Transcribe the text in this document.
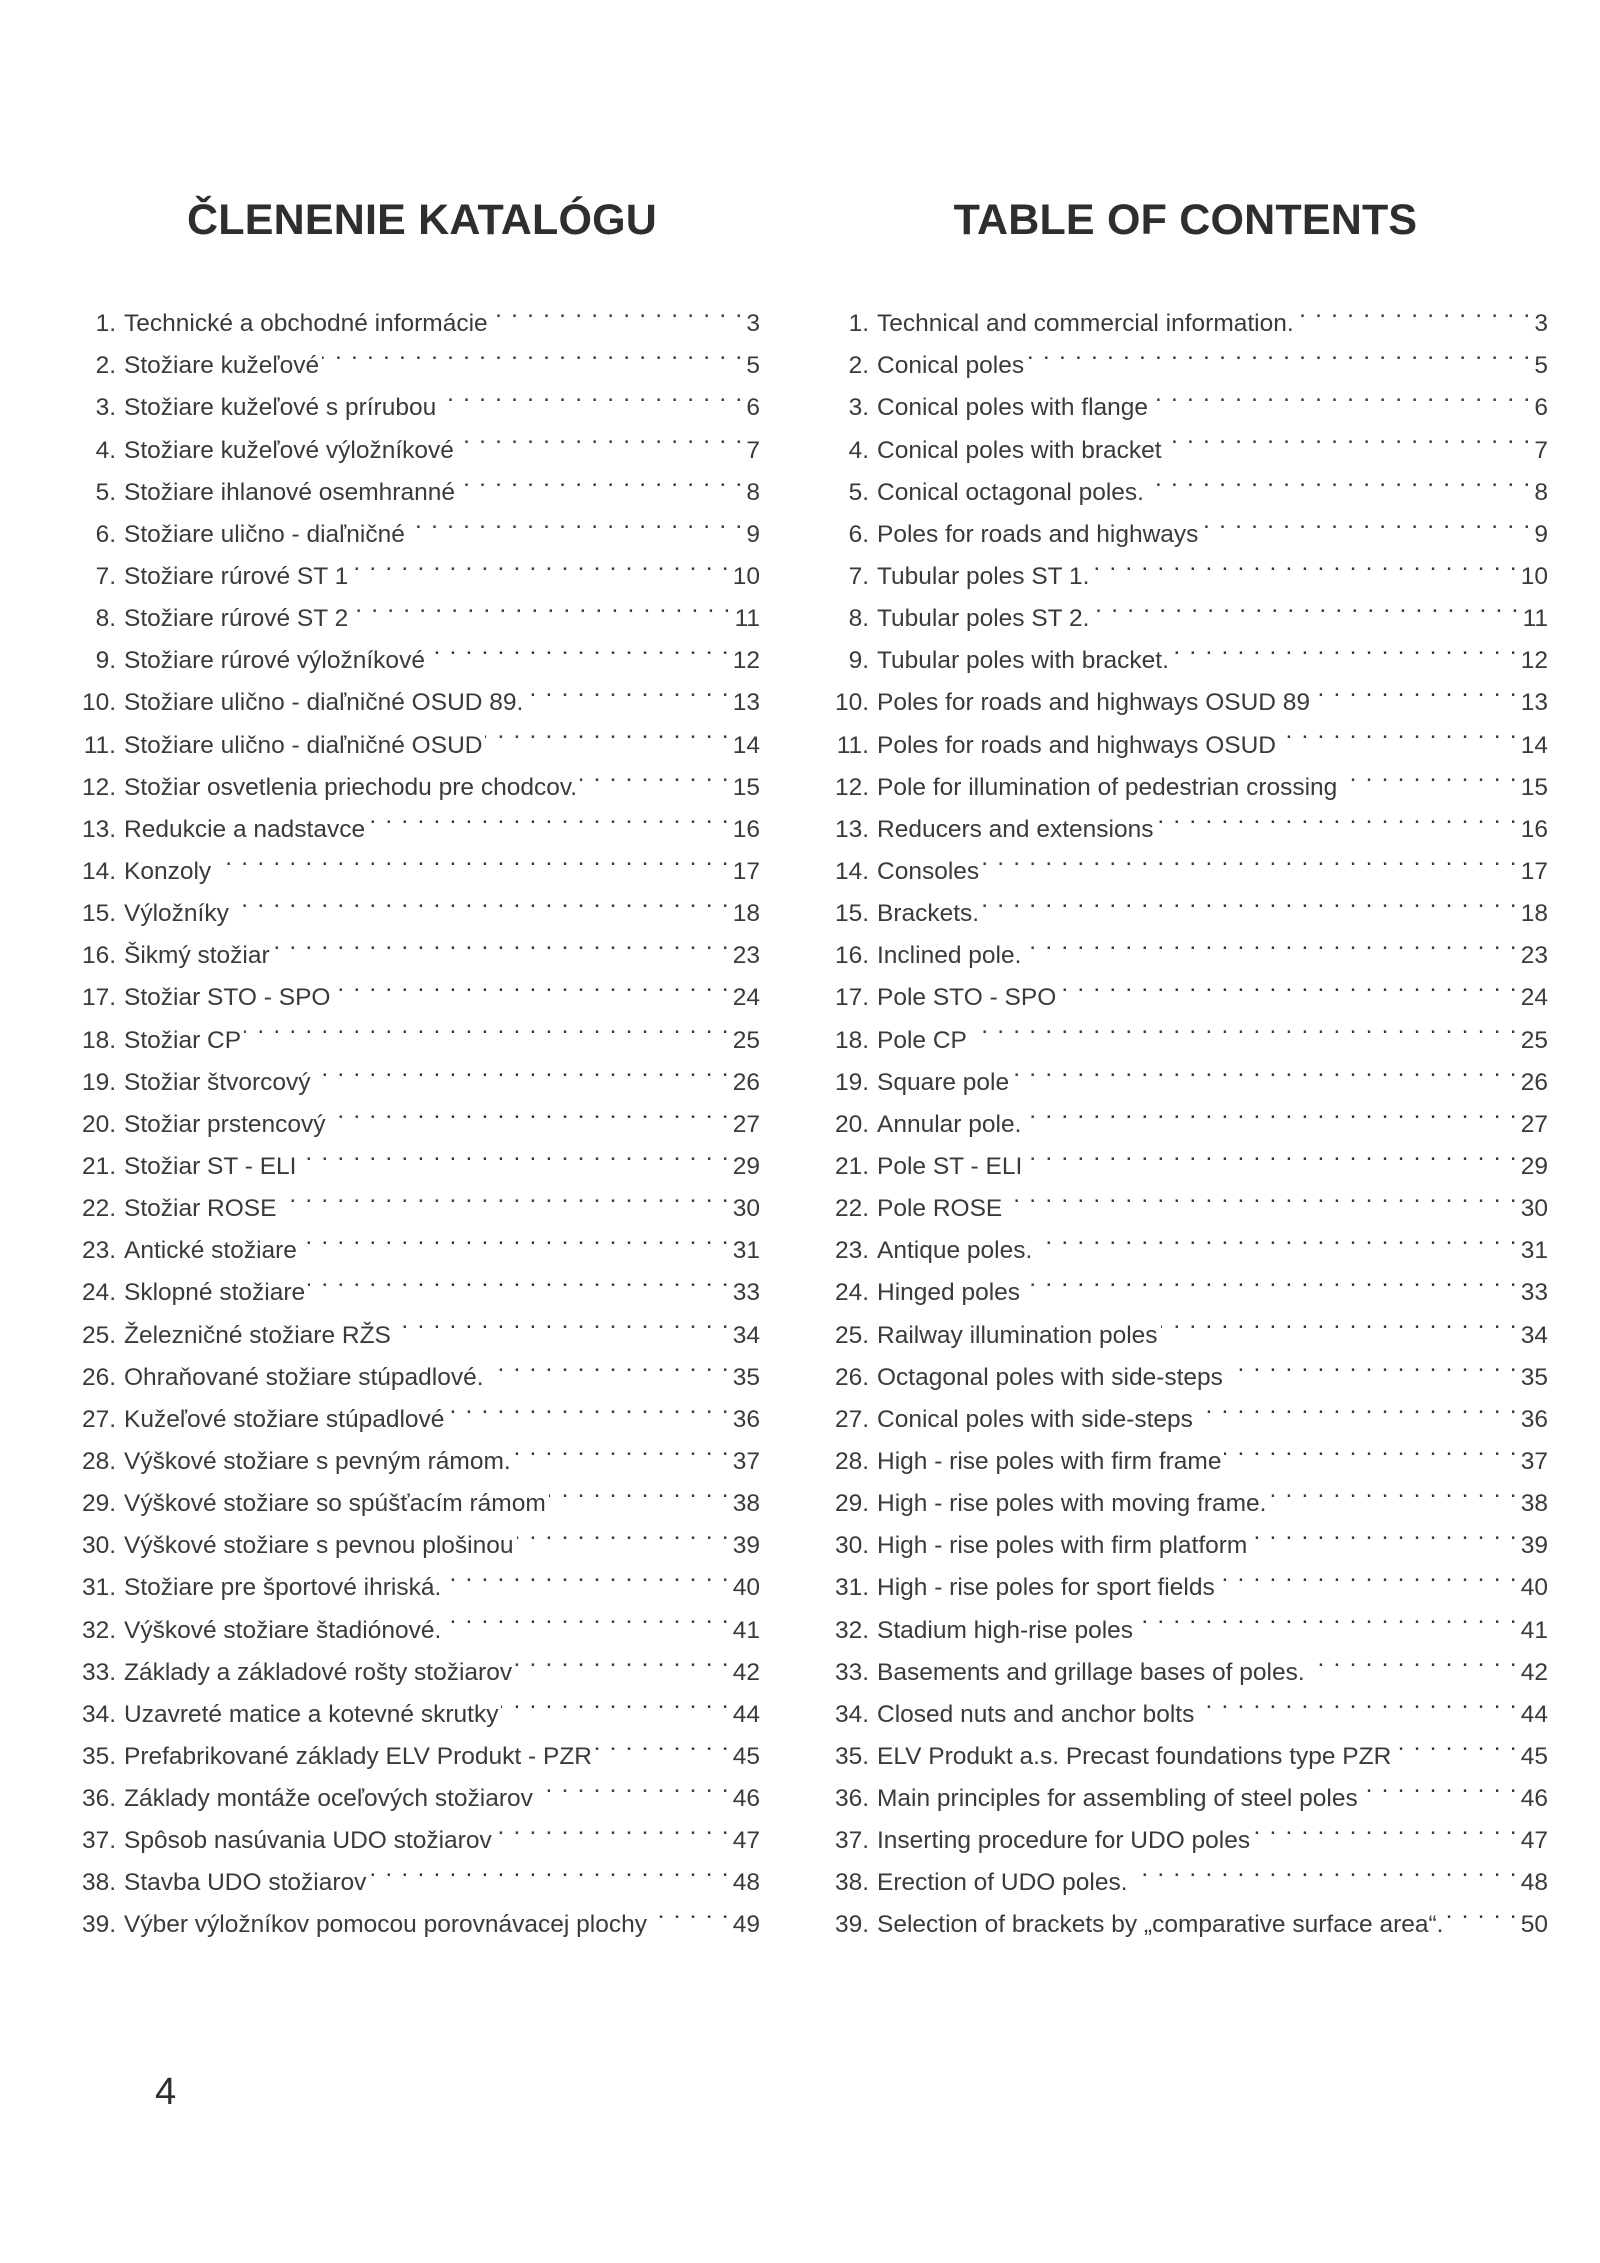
ČLENENIE KATALÓGU
1. Technické a obchodné informácie . . .	3
2. Stožiare kužeľové . . .	5
3. Stožiare kužeľové s prírubou . . .	6
4. Stožiare kužeľové výložníkové . . .	7
5. Stožiare ihlanové osemhranné . . .	8
6. Stožiare uličnо - diaľničné . . .	9
7. Stožiare rúrové ST 1 . . .	10
8. Stožiare rúrové ST 2 . . .	11
9. Stožiare rúrové výložníkové . . .	12
10. Stožiare uličnо - diaľničné OSUD 89. . . .	13
11. Stožiare uličnо - diaľničné OSUD . . .	14
12. Stožiar osvetlenia priechodu pre chodcov. . . .	15
13. Redukcie a nadstavce . . .	16
14. Konzoly . . .	17
15. Výložníky . . .	18
16. Šikmý stožiar . . .	23
17. Stožiar STO - SPO . . .	24
18. Stožiar CP . . .	25
19. Stožiar štvorcový . . .	26
20. Stožiar prstencový . . .	27
21. Stožiar ST - ELI . . .	29
22. Stožiar ROSE . . .	30
23. Antické stožiare . . .	31
24. Sklopné stožiare . . .	33
25. Železničné stožiare RŽS . . .	34
26. Ohraňované stožiare stúpadlové. . . .	35
27. Kužeľové stožiare stúpadlové . . .	36
28. Výškové stožiare s pevným rámom. . . .	37
29. Výškové stožiare so spúšťacím rámom . . .	38
30. Výškové stožiare s pevnou plošinou . . .	39
31. Stožiare pre športové ihriská. . . .	40
32. Výškové stožiare štadiónové. . . .	41
33. Základy a základové rošty stožiarov . . .	42
34. Uzavreté matice a kotevné skrutky . . .	44
35. Prefabrikované základy ELV Produkt - PZR . . .	45
36. Základy montáže oceľových stožiarov . . .	46
37. Spôsob nasúvania UDO stožiarov . . .	47
38. Stavba UDO stožiarov . . .	48
39. Výber výložníkov pomocou porovnávacej plochy . . .	49
TABLE OF CONTENTS
1. Technical and commercial information. . . .	3
2. Conical poles . . .	5
3. Conical poles with flange . . .	6
4. Conical poles with bracket . . .	7
5. Conical octagonal poles. . . .	8
6. Poles for roads and highways . . .	9
7. Tubular poles ST 1. . . .	10
8. Tubular poles ST 2. . . .	11
9. Tubular poles with bracket. . . .	12
10. Poles for roads and highways OSUD 89 . . .	13
11. Poles for roads and highways OSUD . . .	14
12. Pole for illumination of pedestrian crossing . . .	15
13. Reducers and extensions . . .	16
14. Consoles . . .	17
15. Brackets. . . .	18
16. Inclined pole. . . .	23
17. Pole STO - SPO . . .	24
18. Pole CP . . .	25
19. Square pole . . .	26
20. Annular pole. . . .	27
21. Pole ST - ELI . . .	29
22. Pole ROSE . . .	30
23. Antique poles. . . .	31
24. Hinged poles . . .	33
25. Railway illumination poles . . .	34
26. Octagonal poles with side-steps . . .	35
27. Conical poles with side-steps . . .	36
28. High - rise poles with firm frame . . .	37
29. High - rise poles with moving frame. . . .	38
30. High - rise poles with firm platform . . .	39
31. High - rise poles for sport fields . . .	40
32. Stadium high-rise poles . . .	41
33. Basements and grillage bases of poles. . . .	42
34. Closed nuts and anchor bolts . . .	44
35. ELV Produkt a.s. Precast foundations type PZR . . .	45
36. Main principles for assembling of steel poles . . .	46
37. Inserting procedure for UDO poles . . .	47
38. Erection of UDO poles. . . .	48
39. Selection of brackets by „comparative surface area“. . . .	50
4
